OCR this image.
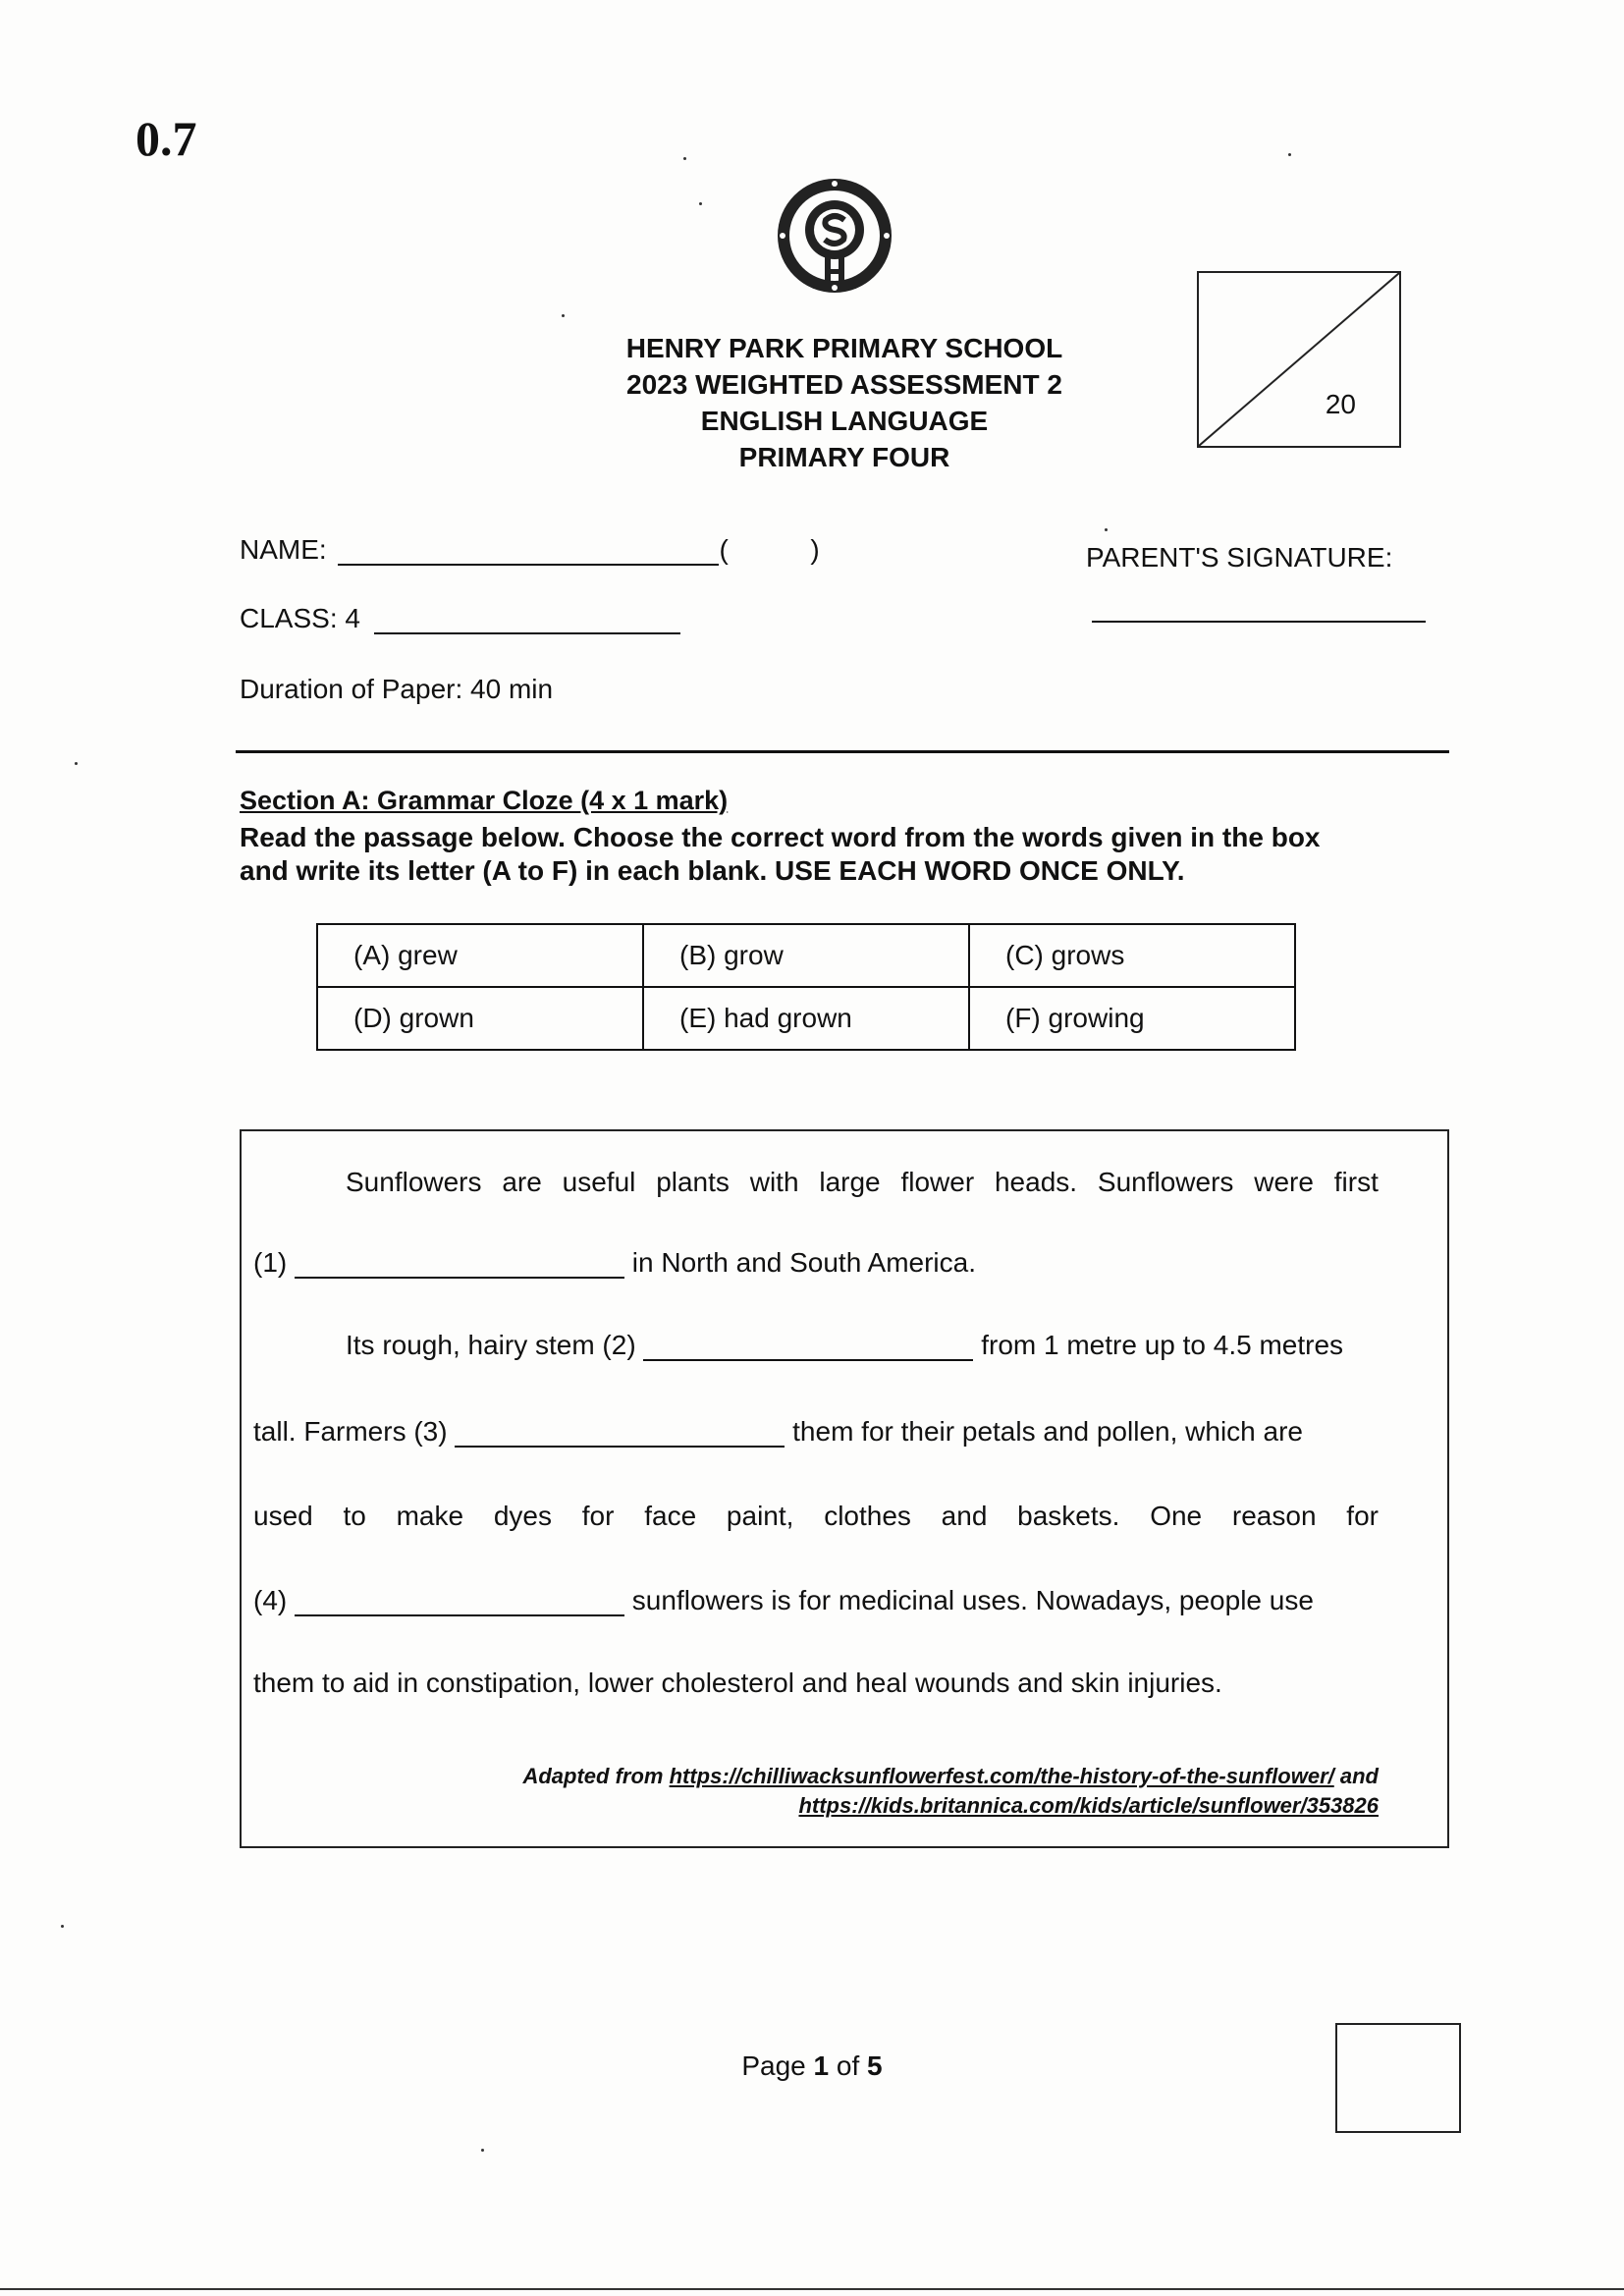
0.7
HENRY PARK PRIMARY SCHOOL
2023 WEIGHTED ASSESSMENT 2
ENGLISH LANGUAGE
PRIMARY FOUR
20
NAME:	(	)	PARENT'S SIGNATURE:
CLASS: 4
Duration of Paper: 40 min
Section A: Grammar Cloze (4 x 1 mark)
Read the passage below. Choose the correct word from the words given in the box
and write its letter (A to F) in each blank. USE EACH WORD ONCE ONLY.
(A) grew	(B) grow	(C) grows
(D) grown	(E) had grown	(F) growing
Sunflowers are useful plants with large flower heads. Sunflowers were first
(1)	in North and South America.
Its rough, hairy stem (2)	from 1 metre up to 4.5 metres
tall. Farmers (3)	them for their petals and pollen, which are
used to make dyes for face paint, clothes and baskets. One reason for
(4)	sunflowers is for medicinal uses. Nowadays, people use
them to aid in constipation, lower cholesterol and heal wounds and skin injuries.
Adapted from https://chilliwacksunflowerfest.com/the-history-of-the-sunflower/ and
https://kids.britannica.com/kids/article/sunflower/353826
Page 1 of 5
